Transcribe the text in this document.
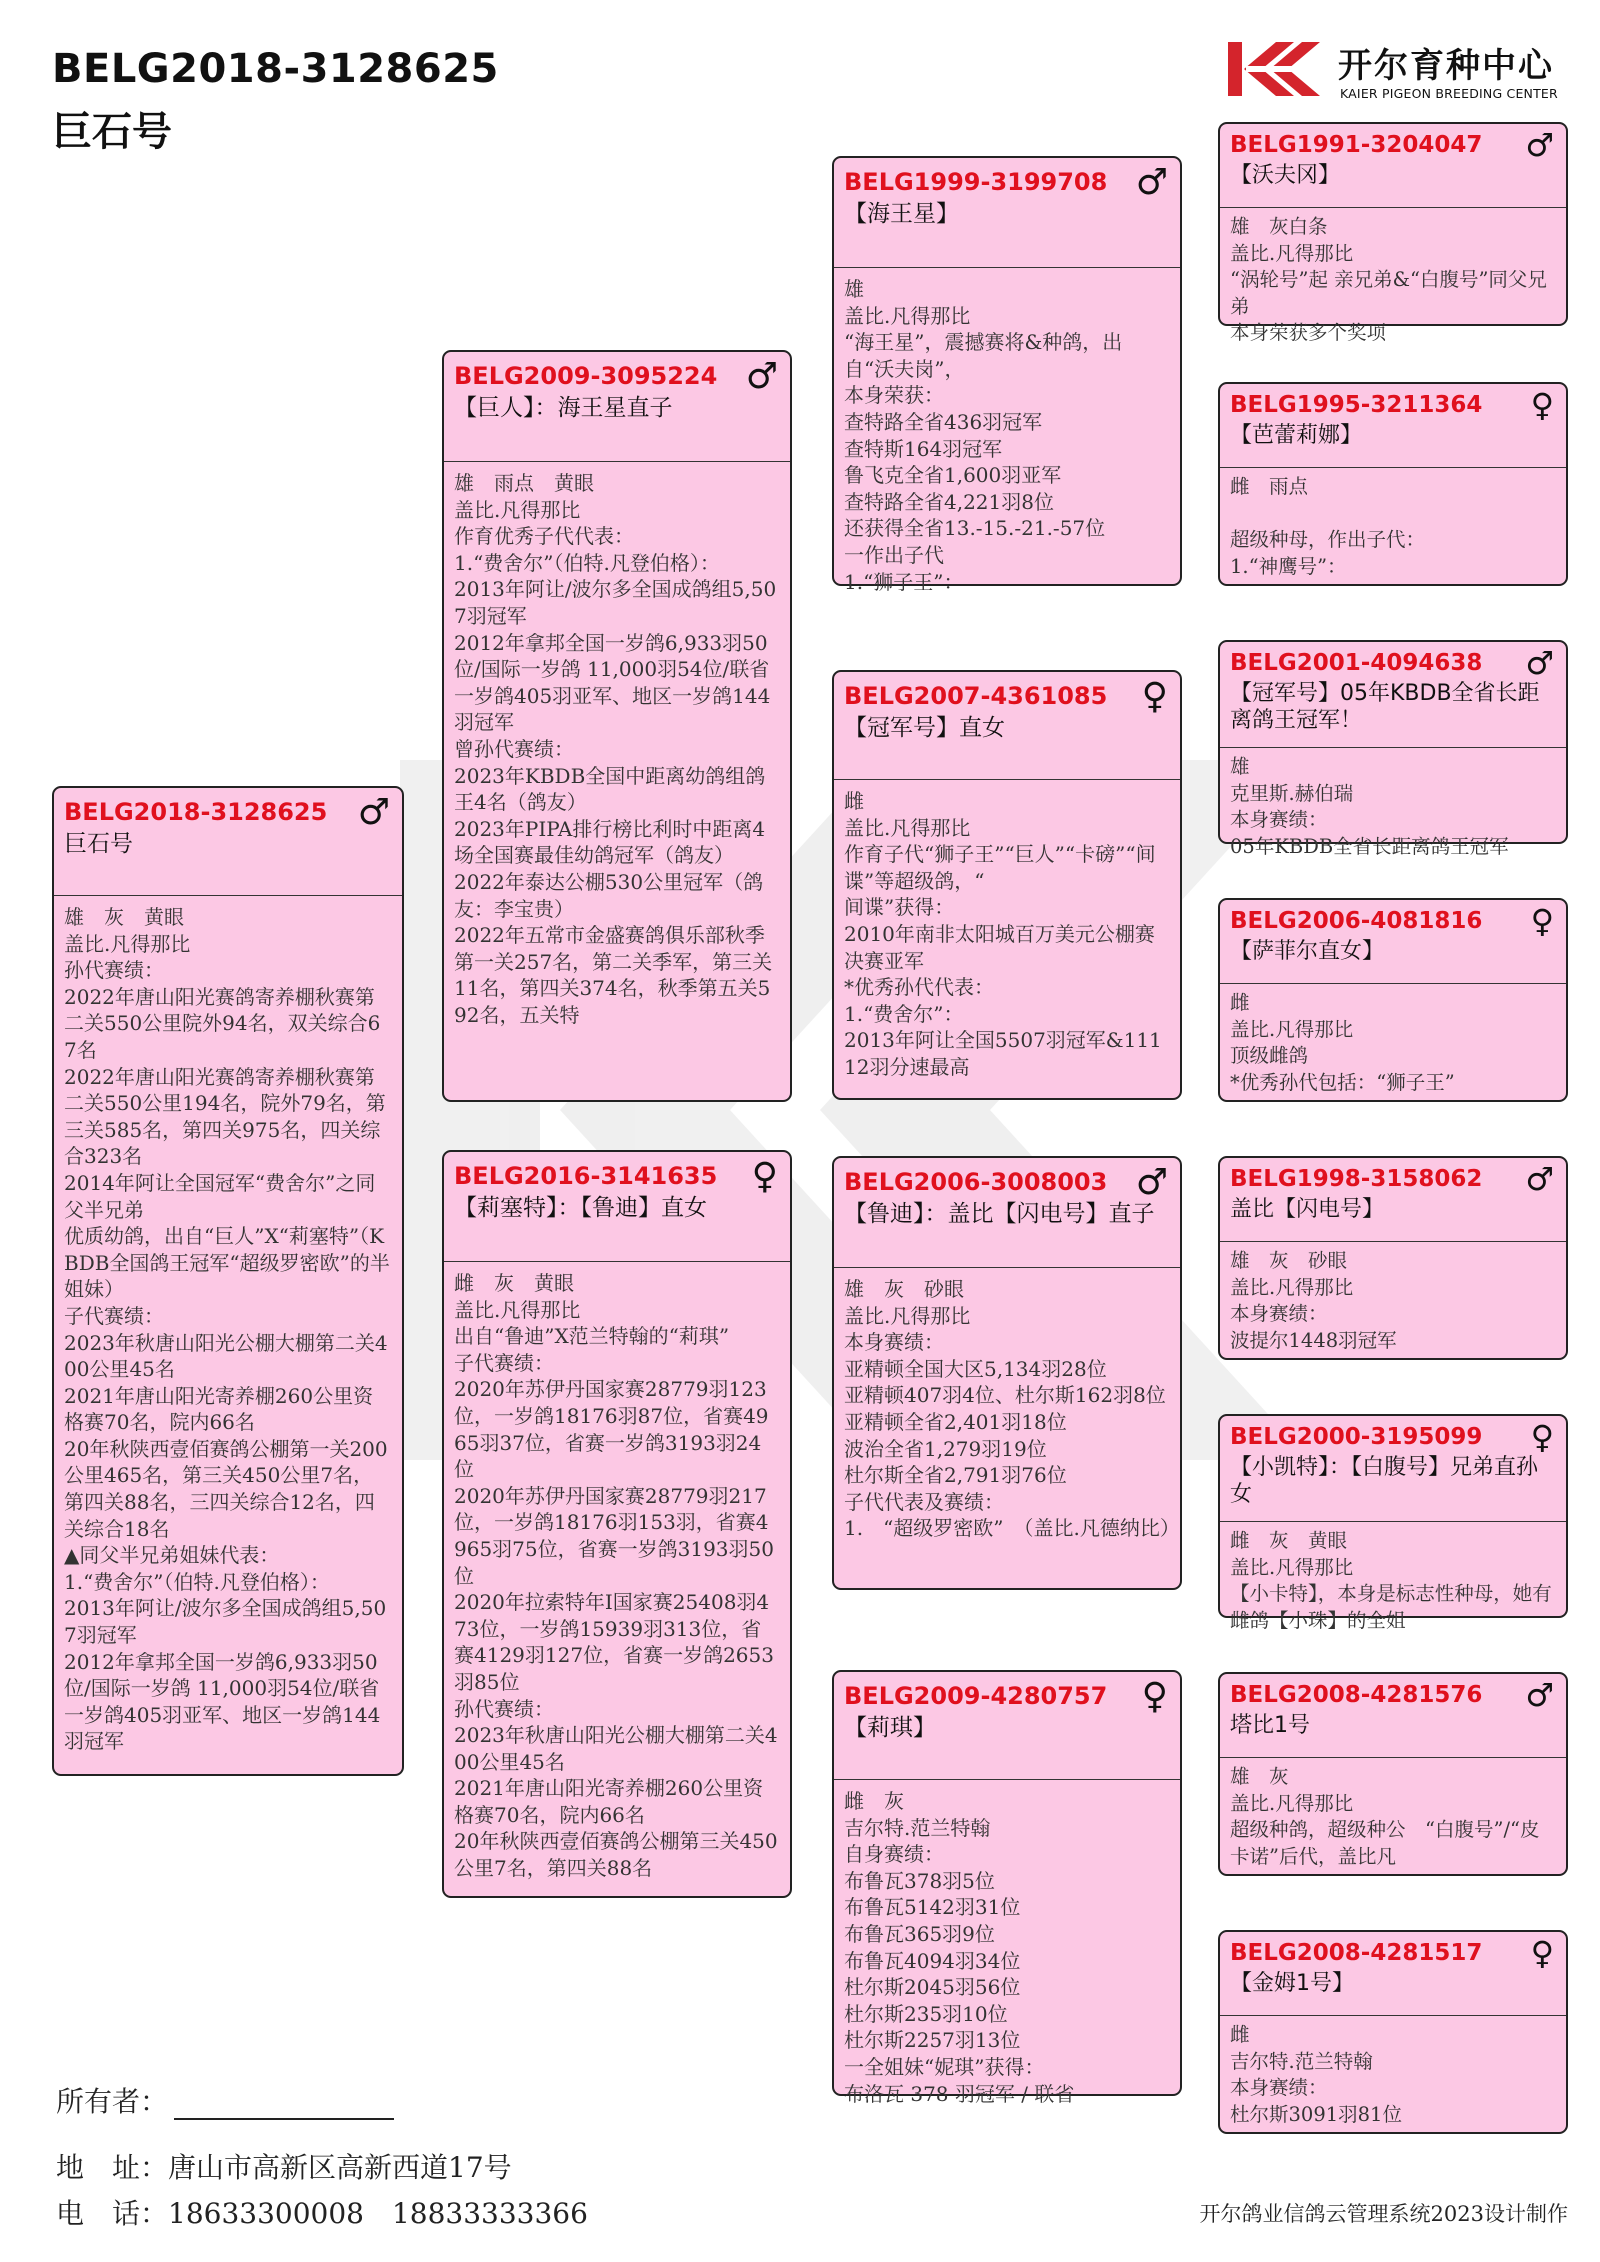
BELG2018-3128625
巨石号
开尔育种中心
KAIER PIGEON BREEDING CENTER
BELG2018-3128625 ♂
巨石号
雄　灰　黄眼
盖比.凡得那比
孙代赛绩：
2022年唐山阳光赛鸽寄养棚秋赛第二关550公里院外94名，双关综合67名
2022年唐山阳光赛鸽寄养棚秋赛第二关550公里194名，院外79名，第三关585名，第四关975名，四关综合323名
2014年阿让全国冠军“费舍尔”之同父半兄弟
优质幼鸽，出自“巨人”X“莉塞特”（KBDB全国鸽王冠军“超级罗密欧”的半姐妹）
子代赛绩：
2023年秋唐山阳光公棚大棚第二关400公里45名
2021年唐山阳光寄养棚260公里资格赛70名，院内66名
20年秋陕西壹佰赛鸽公棚第一关200公里465名，第三关450公里7名，第四关88名，三四关综合12名，四关综合18名
▲同父半兄弟姐妹代表：
1.“费舍尔”（伯特.凡登伯格）：
2013年阿让/波尔多全国成鸽组5,507羽冠军
2012年拿邦全国一岁鸽6,933羽50位/国际一岁鸽 11,000羽54位/联省一岁鸽405羽亚军、地区一岁鸽144羽冠军
BELG2009-3095224 ♂
【巨人】：海王星直子
雄　雨点　黄眼
盖比.凡得那比
作育优秀子代代表：
1.“费舍尔”（伯特.凡登伯格）：
2013年阿让/波尔多全国成鸽组5,507羽冠军
2012年拿邦全国一岁鸽6,933羽50位/国际一岁鸽 11,000羽54位/联省一岁鸽405羽亚军、地区一岁鸽144羽冠军
曾孙代赛绩：
2023年KBDB全国中距离幼鸽组鸽王4名（鸽友）
2023年PIPA排行榜比利时中距离4场全国赛最佳幼鸽冠军（鸽友）
2022年泰达公棚530公里冠军（鸽友：李宝贵）
2022年五常市金盛赛鸽俱乐部秋季第一关257名，第二关季军，第三关11名，第四关374名，秋季第五关592名，五关特
BELG2016-3141635 ♀
【莉塞特】：【鲁迪】直女
雌　灰　黄眼
盖比.凡得那比
出自“鲁迪”X范兰特翰的“莉琪”
子代赛绩：
2020年苏伊丹国家赛28779羽123位，一岁鸽18176羽87位，省赛4965羽37位，省赛一岁鸽3193羽24位
2020年苏伊丹国家赛28779羽217位，一岁鸽18176羽153羽，省赛4965羽75位，省赛一岁鸽3193羽50位
2020年拉索特年I国家赛25408羽473位，一岁鸽15939羽313位，省赛4129羽127位，省赛一岁鸽2653羽85位
孙代赛绩：
2023年秋唐山阳光公棚大棚第二关400公里45名
2021年唐山阳光寄养棚260公里资格赛70名，院内66名
20年秋陕西壹佰赛鸽公棚第三关450公里7名，第四关88名
BELG1999-3199708 ♂
【海王星】
雄
盖比.凡得那比
“海王星”，震撼赛将&种鸽，出自“沃夫岗”，
本身荣获：
查特路全省436羽冠军
查特斯164羽冠军
鲁飞克全省1,600羽亚军
查特路全省4,221羽8位
还获得全省13.-15.-21.-57位
一作出子代
1.“狮子王”：
BELG2007-4361085 ♀
【冠军号】直女
雌
盖比.凡得那比
作育子代“狮子王”“巨人”“卡磅”“间谍”等超级鸽，“
间谍”获得：
2010年南非太阳城百万美元公棚赛决赛亚军
*优秀孙代代表：
1.“费舍尔”：
2013年阿让全国5507羽冠军&11112羽分速最高
BELG2006-3008003 ♂
【鲁迪】：盖比【闪电号】直子
雄　灰　砂眼
盖比.凡得那比
本身赛绩：
亚精顿全国大区5,134羽28位
亚精顿407羽4位、杜尔斯162羽8位
亚精顿全省2,401羽18位
波治全省1,279羽19位
杜尔斯全省2,791羽76位
子代代表及赛绩：
1.　“超级罗密欧”　（盖比.凡德纳比）
BELG2009-4280757 ♀
【莉琪】
雌　灰
吉尔特.范兰特翰
自身赛绩：
布鲁瓦378羽5位
布鲁瓦5142羽31位
布鲁瓦365羽9位
布鲁瓦4094羽34位
杜尔斯2045羽56位
杜尔斯235羽10位
杜尔斯2257羽13位
一全姐妹“妮琪”获得：
布洛瓦 378 羽冠军 / 联省
BELG1991-3204047 ♂
【沃夫冈】
雄　灰白条
盖比.凡得那比
“涡轮号”起 亲兄弟&“白腹号”同父兄弟
本身荣获多个奖项
BELG1995-3211364 ♀
【芭蕾莉娜】
雌　雨点

超级种母，作出子代：
1.“神鹰号”：
BELG2001-4094638 ♂
【冠军号】05年KBDB全省长距离鸽王冠军！
雄
克里斯.赫伯瑞
本身赛绩：
05年KBDB全省长距离鸽王冠军
BELG2006-4081816 ♀
【萨菲尔直女】
雌
盖比.凡得那比
顶级雌鸽
*优秀孙代包括：“狮子王”
BELG1998-3158062 ♂
盖比【闪电号】
雄　灰　砂眼
盖比.凡得那比
本身赛绩：
波提尔1448羽冠军
BELG2000-3195099 ♀
【小凯特】：【白腹号】兄弟直孙女
雌　灰　黄眼
盖比.凡得那比
【小卡特】，本身是标志性种母，她有雌鸽【小珠】的全姐
BELG2008-4281576 ♂
塔比1号
雄　灰
盖比.凡得那比
超级种鸽，超级种公　“白腹号”/“皮卡诺”后代，盖比凡
BELG2008-4281517 ♀
【金姆1号】
雌
吉尔特.范兰特翰
本身赛绩：
杜尔斯3091羽81位
所有者：
地　址：唐山市高新区高新西道17号
电　话：18633300008　18833333366	开尔鸽业信鸽云管理系统2023设计制作
